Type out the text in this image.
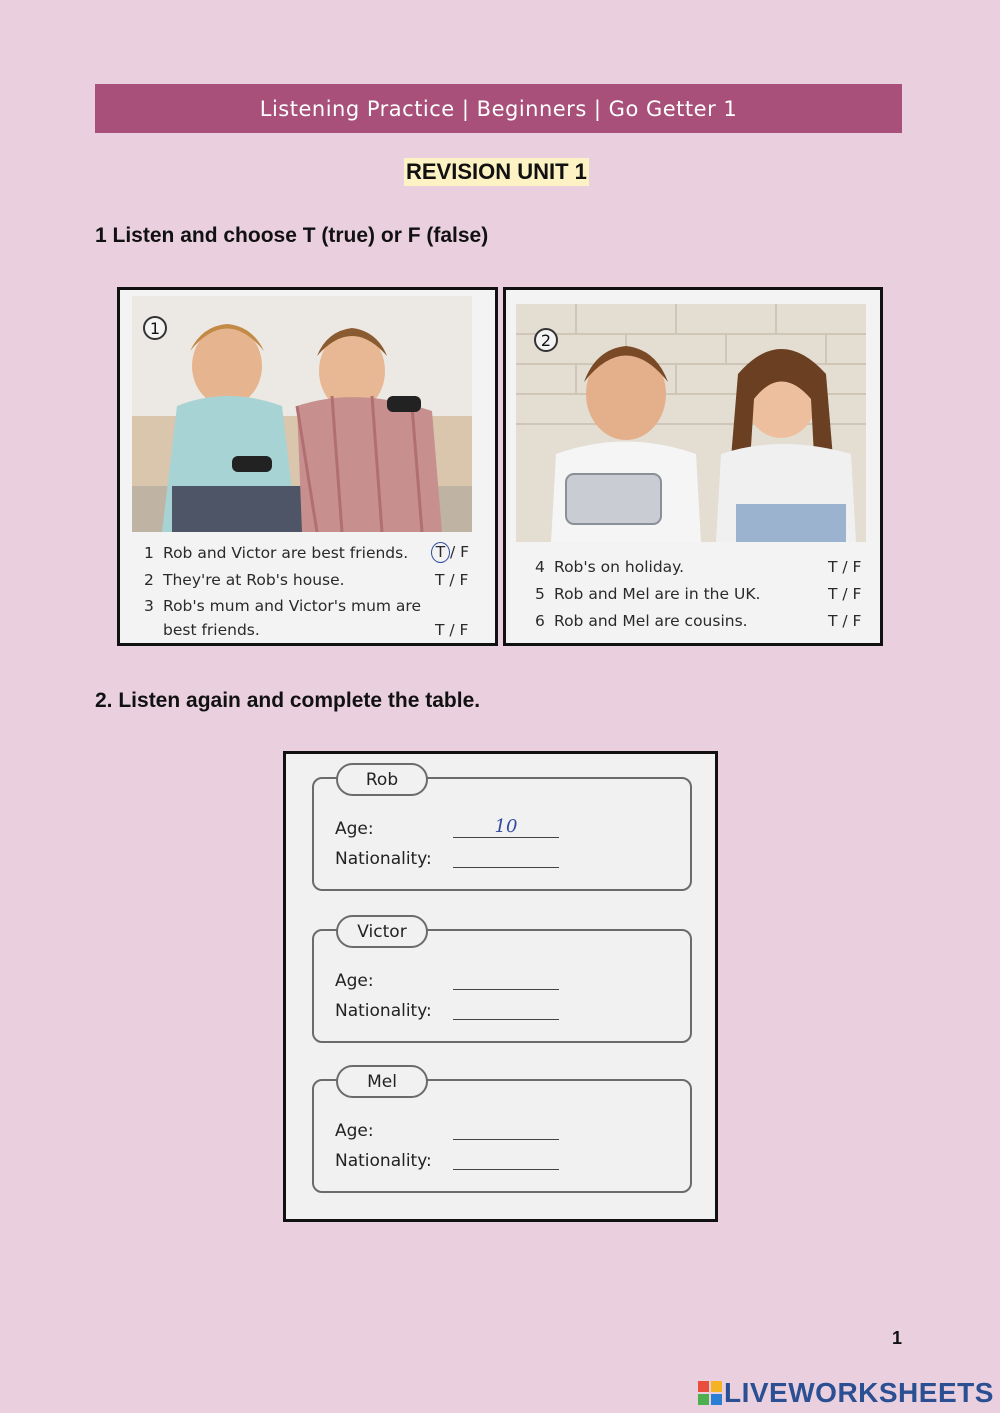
Listening Practice | Beginners | Go Getter 1
REVISION UNIT 1
1 Listen and choose T (true) or F (false)
1
1 Rob and Victor are best friends.	T / F
2 They're at Rob's house.	T / F
3 Rob's mum and Victor's mum are
best friends.	T / F
2
4 Rob's on holiday.	T / F
5 Rob and Mel are in the UK.	T / F
6 Rob and Mel are cousins.	T / F
2. Listen again and complete the table.
Rob
Age:	10
Nationality:
Victor
Age:
Nationality:
Mel
Age:
Nationality:
1
LIVEWORKSHEETS
